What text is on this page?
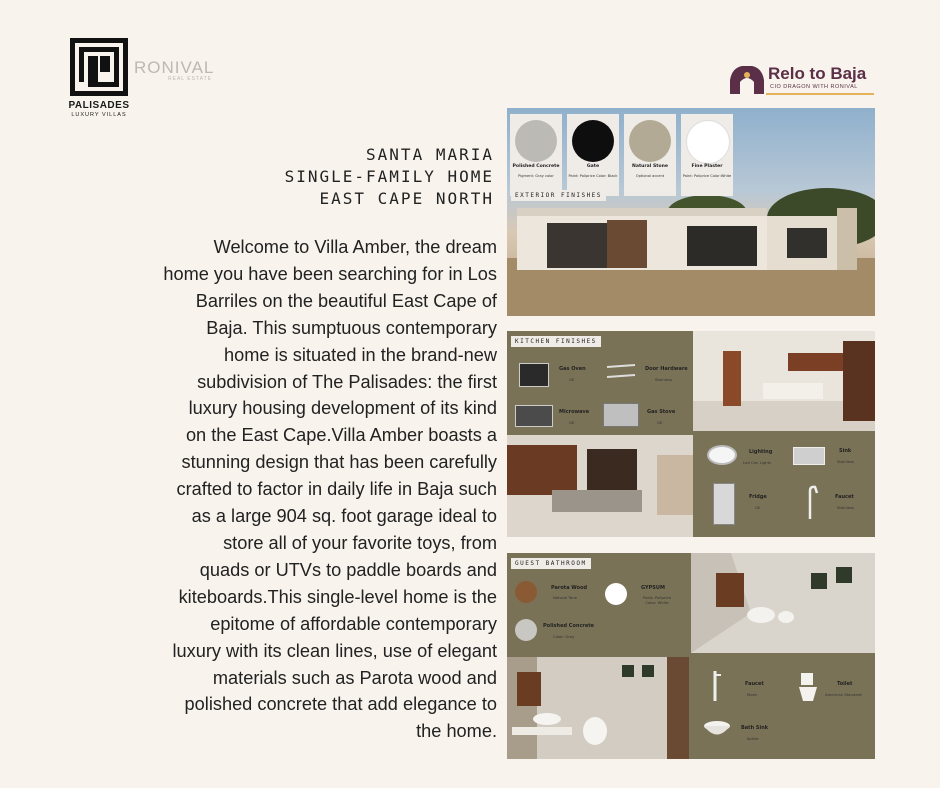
PALISADES
LUXURY VILLAS
RONIVAL
REAL ESTATE	Relo to Baja
CIO DRAGON WITH RONIVAL
SANTA MARIA
SINGLE-FAMILY HOME
EAST CAPE NORTH
Welcome to Villa Amber, the dream
home you have been searching for in Los
Barriles on the beautiful East Cape of
Baja. This sumptuous contemporary
home is situated in the brand-new
subdivision of The Palisades: the first
luxury housing development of its kind
on the East Cape.Villa Amber boasts a
stunning design that has been carefully
crafted to factor in daily life in Baja such
as a large 904 sq. foot garage ideal to
store all of your favorite toys, from
quads or UTVs to paddle boards and
kiteboards.This single-level home is the
epitome of affordable contemporary
luxury with its clean lines, use of elegant
materials such as Parota wood and
polished concrete that add elegance to
the home.
Polished Concrete
Pigment: Gray color
Gate
Paint: Poliprice Color: Black
Natural Stone
Optional accent
Fine Plaster
Paint: Poliprice Color:White
EXTERIOR FINISHES
KITCHEN FINISHES
Gas Oven
GE
Door Hardware
Stainless
Microwave
GE
Gas Stove
GE
Lighting
Led Can Lights
Sink
Stainless
Fridge
GE
Faucet
Stainless
GUEST BATHROOM
Parota Wood
Natural Tone
GYPSUM
Paint: Poliprice Color: White
Polished Concrete
Color: Gray
Faucet
Moen
Toilet
American Standard
Bath Sink
Kohler
